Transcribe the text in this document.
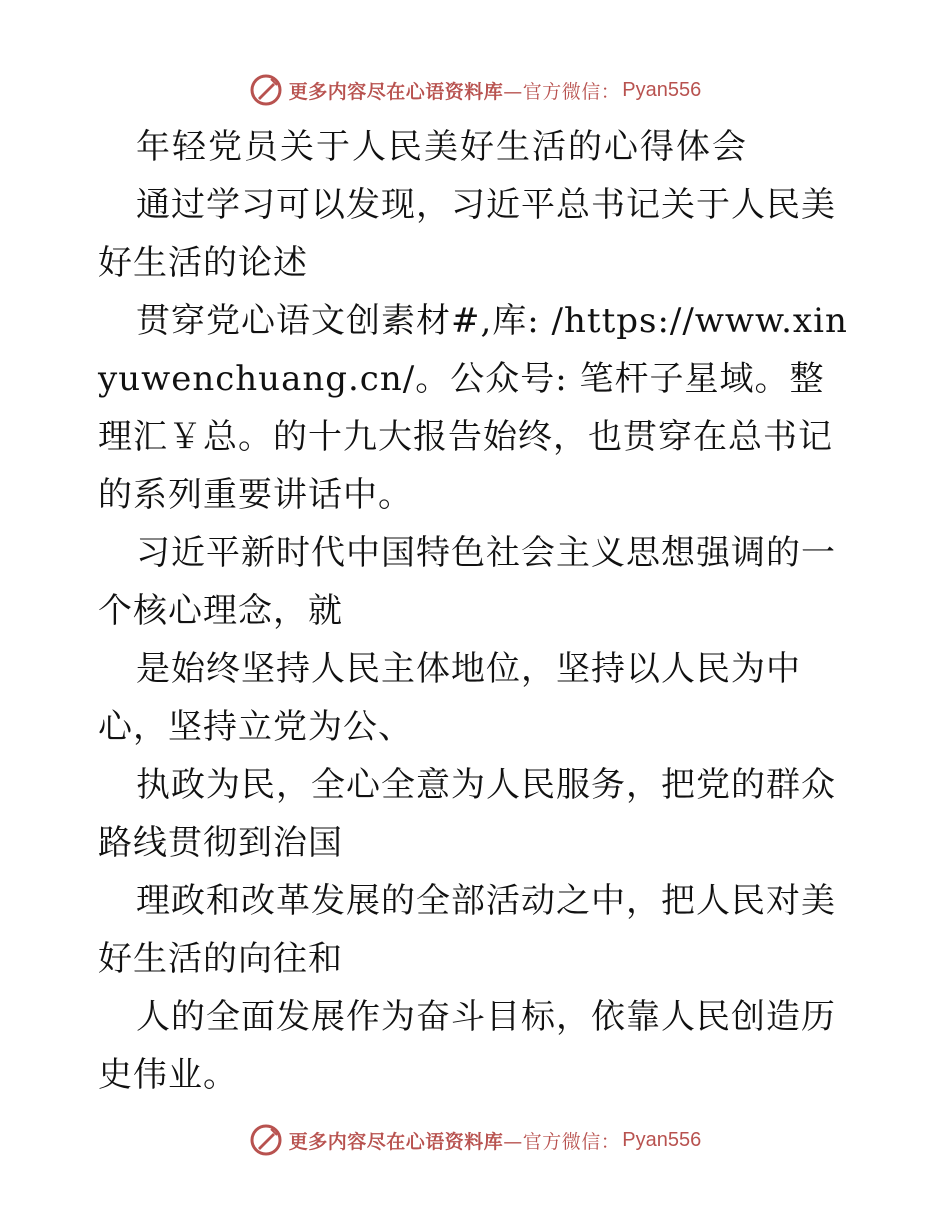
更多内容尽在心语资料库 —官方微信： Pyan556

年轻党员关于人民美好生活的心得体会

通过学习可以发现，习近平总书记关于人民美好生活的论述

贯穿党心语文创素材#,库: /https://www.xinyuwenchuang.cn/。公众号: 笔杆子星域。整理汇￥总。的十九大报告始终，也贯穿在总书记的系列重要讲话中。

习近平新时代中国特色社会主义思想强调的一个核心理念，就

是始终坚持人民主体地位，坚持以人民为中心，坚持立党为公、

执政为民，全心全意为人民服务，把党的群众路线贯彻到治国

理政和改革发展的全部活动之中，把人民对美好生活的向往和

人的全面发展作为奋斗目标，依靠人民创造历史伟业。

更多内容尽在心语资料库 —官方微信： Pyan556
